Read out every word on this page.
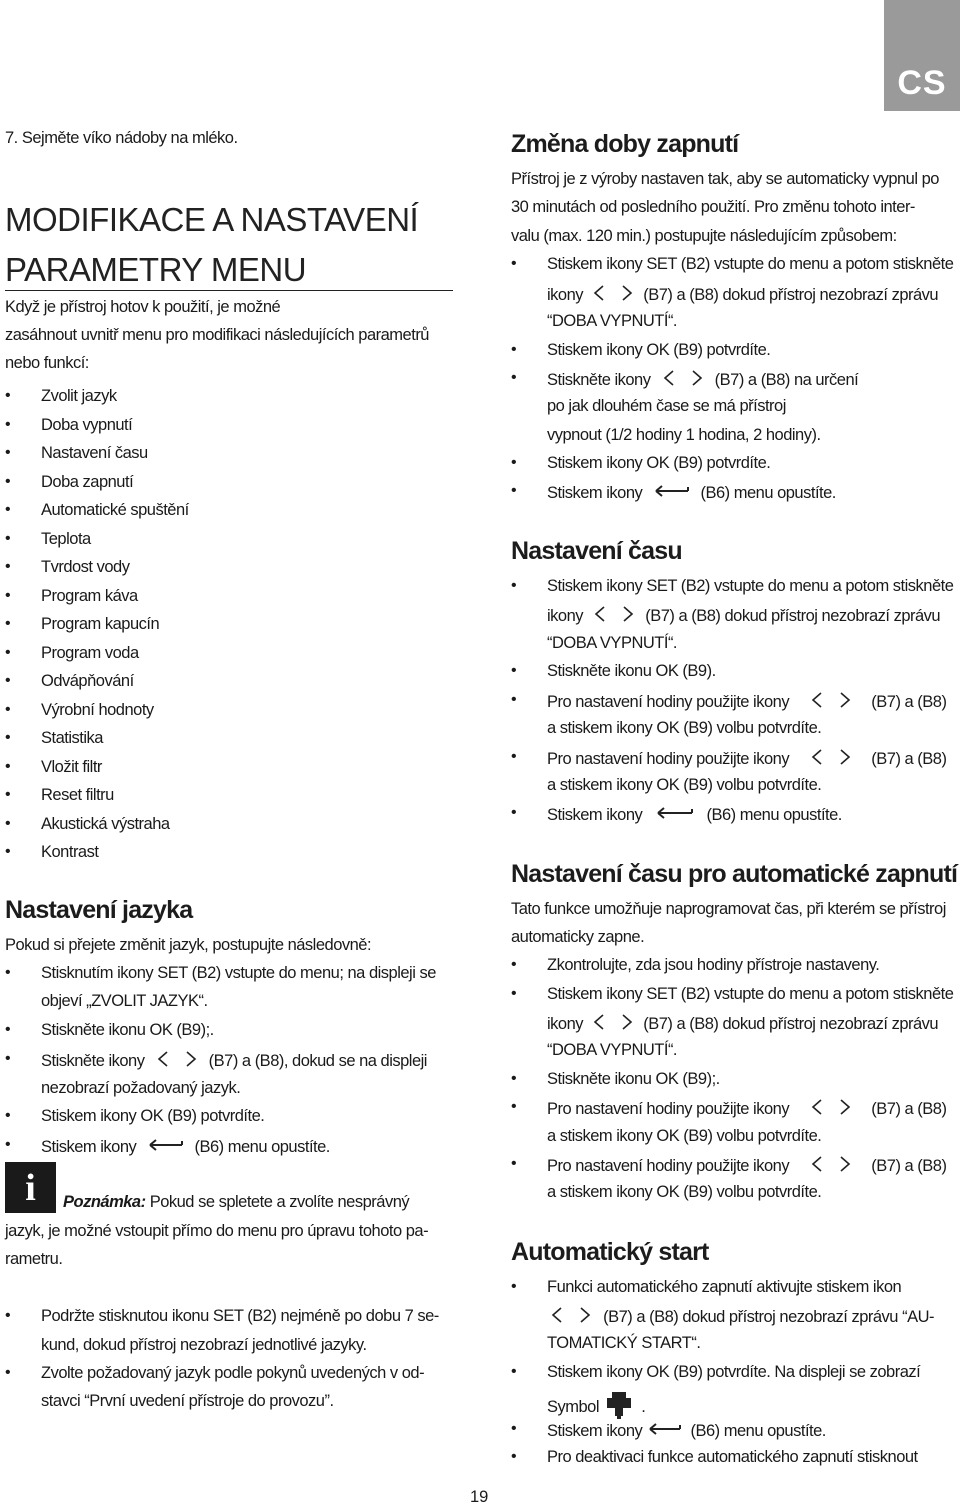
CS
7. Sejměte víko nádoby na mléko.
MODIFIKACE A NASTAVENÍ
PARAMETRY MENU
Když je přístroj hotov k použití, je možné
zasáhnout uvnitř menu pro modifikaci následujících parametrů
nebo funkcí:
• Zvolit jazyk
• Doba vypnutí
• Nastavení času
• Doba zapnutí
• Automatické spuštění
• Teplota
• Tvrdost vody
• Program káva
• Program kapucín
• Program voda
• Odvápňování
• Výrobní hodnoty
• Statistika
• Vložit filtr
• Reset filtru
• Akustická výstraha
• Kontrast
Nastavení jazyka
Pokud si přejete změnit jazyk, postupujte následovně:
• Stisknutím ikony SET (B2) vstupte do menu; na displeji se
objeví „ZVOLIT JAZYK“.
• Stiskněte ikonu OK (B9);.
• Stiskněte ikony	(B7) a (B8), dokud se na displeji
nezobrazí požadovaný jazyk.
• Stiskem ikony OK (B9) potvrdíte.
• Stiskem ikony	(B6) menu opustíte.
Poznámka: Pokud se spletete a zvolíte nesprávný
jazyk, je možné vstoupit přímo do menu pro úpravu tohoto pa-
rametru.
• Podržte stisknutou ikonu SET (B2) nejméně po dobu 7 se-
kund, dokud přístroj nezobrazí jednotlivé jazyky.
• Zvolte požadovaný jazyk podle pokynů uvedených v od-
stavci “První uvedení přístroje do provozu”.
i
Změna doby zapnutí
Přístroj je z výroby nastaven tak, aby se automaticky vypnul po
30 minutách od posledního použití. Pro změnu tohoto inter-
valu (max. 120 min.) postupujte následujícím způsobem:
• Stiskem ikony SET (B2) vstupte do menu a potom stiskněte
ikony	(B7) a (B8) dokud přístroj nezobrazí zprávu
“DOBA VYPNUTÍ“.
• Stiskem ikony OK (B9) potvrdíte.
• Stiskněte ikony	(B7) a (B8) na určení
po jak dlouhém čase se má přístroj
vypnout (1/2 hodiny 1 hodina, 2 hodiny).
• Stiskem ikony OK (B9) potvrdíte.
• Stiskem ikony	(B6) menu opustíte.
Nastavení času
• Stiskem ikony SET (B2) vstupte do menu a potom stiskněte
ikony	(B7) a (B8) dokud přístroj nezobrazí zprávu
“DOBA VYPNUTÍ“.
• Stiskněte ikonu OK (B9).
• Pro nastavení hodiny použijte ikony	(B7) a (B8)
a stiskem ikony OK (B9) volbu potvrdíte.
• Pro nastavení hodiny použijte ikony	(B7) a (B8)
a stiskem ikony OK (B9) volbu potvrdíte.
• Stiskem ikony	(B6) menu opustíte.
Nastavení času pro automatické zapnutí
Tato funkce umožňuje naprogramovat čas, při kterém se přístroj
automaticky zapne.
• Zkontrolujte, zda jsou hodiny přístroje nastaveny.
• Stiskem ikony SET (B2) vstupte do menu a potom stiskněte
ikony	(B7) a (B8) dokud přístroj nezobrazí zprávu
“DOBA VYPNUTÍ“.
• Stiskněte ikonu OK (B9);.
• Pro nastavení hodiny použijte ikony	(B7) a (B8)
a stiskem ikony OK (B9) volbu potvrdíte.
• Pro nastavení hodiny použijte ikony	(B7) a (B8)
a stiskem ikony OK (B9) volbu potvrdíte.
Automatický start
• Funkci automatického zapnutí aktivujte stiskem ikon
(B7) a (B8) dokud přístroj nezobrazí zprávu “AU-
TOMATICKÝ START“.
• Stiskem ikony OK (B9) potvrdíte. Na displeji se zobrazí
Symbol	.
• Stiskem ikony	(B6) menu opustíte.
• Pro deaktivaci funkce automatického zapnutí stisknout
19
